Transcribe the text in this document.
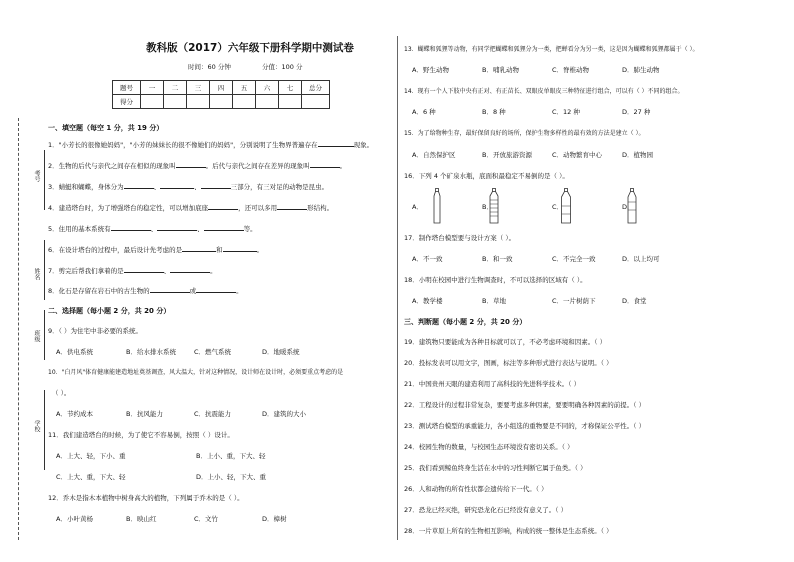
考号
姓名
班级
学校
教科版（2017）六年级下册科学期中测试卷
时间：60 分钟	分值：100 分
题号	一	二	三	四	五	六	七	总分
得分								
一、填空题（每空 1 分，共 19 分）
1．"小芳长的很像她妈妈"，"小芳的妹妹长的很不像她们的妈妈"，分别说明了生物界普遍存在	现象。
2．生物的后代与亲代之间存在相似的现象叫	。后代与亲代之间存在差异的现象叫	。
3．蜻蜓和蝴蝶，身体分为	、	、	三部分，有三对足的动物是昆虫。
4．建造塔台时，为了增强塔台的稳定性，可以增加底座	，还可以多用	形结构。
5．住用的基本系统有	、	、	等。
6．在设计塔台的过程中，最后设计先考虑的是	和	。
7．剪完后帮我们拿着的是	、	。
8．化石是存留在岩石中的古生物的	或	。
二、选择题（每小题 2 分，共 20 分）
9．（ ）为住宅中非必要的系统。
A．供电系统	B．给水排水系统	C．燃气系统	D．地暖系统
10．"白月风"体育健康能建造地址奠基调查，风大温大，针对这种情况，设计师在设计时，必须要重点考虑的是
（ ）。
A．节约成本	B．抗风能力	C．抗震能力	D．建筑的大小
11．我们建造塔台的时候，为了使它不容易倒，按照（ ）设计。
A．上大、轻，下小、重	B．上小、重，下大、轻
C．上大、重，下大、轻	D．上小、轻，下大、重
12．乔木是指木本植物中树身高大的植物，下列属于乔木的是（ ）。
A．小叶黄杨	B．映山红	C．文竹	D．樟树
13．蝴蝶和狐狸等动物，有同学把蝴蝶和狐狸分为一类，把蝉看分为另一类，这是因为蝴蝶和狐狸都属于（ ）。
A．野生动物	B．哺乳动物	C．脊椎动物	D．肺生动物
14．现有一个人下肢中央有正对、有正苗长、双眼皮单眼皮三种特征进行组合，可以有（ ）不同的组合。
A．6 种	B．8 种	C．12 种	D．27 种
15．为了给物种生存，最好保留良好的场所，保护生物多样性的最有效的方法是建立（ ）。
A．自然保护区	B．开放旅游资源	C．动物繁育中心	D．植物园
16．下列 4 个矿泉水瓶，底面积最稳定不易倒的是（ ）。
A．	B．	C．	D．
17．制作塔台模型要与设计方案（ ）。
A．不一致	B．和一致	C．不完全一致	D．以上均可
18．小明在校园中进行生物调查时，不可以选择的区域有（ ）。
A．教学楼	B．草地	C．一片树荫下	D．食堂
三、判断题（每小题 2 分，共 20 分）
19．建筑物只要能成为各种目标就可以了，不必考虑环境和因素。（ ）
20．投标发表可以用文字，图画，标注等多种形式进行表达与说明。（ ）
21．中国贵州天眼的建造利用了高科技的先进科学技术。（ ）
22．工程设计的过程非常复杂，要要考虑多种因素，要要明确各种因素的前提。（ ）
23．测试塔台模型的承重能力，各小组选的重物要是不同的，才称保证公平性。（ ）
24．校园生物的数量，与校园生态环境没有密切关系。（ ）
25．我们看到鲸鱼终身生活在水中的习性判断它属于鱼类。（ ）
26．人和动物的所有性状都会遗传给下一代。（ ）
27．恐龙已经灭绝，研究恐龙化石已经没有意义了。（ ）
28．一片草原上所有的生物相互影响，构成的统一整体是生态系统。（ ）
